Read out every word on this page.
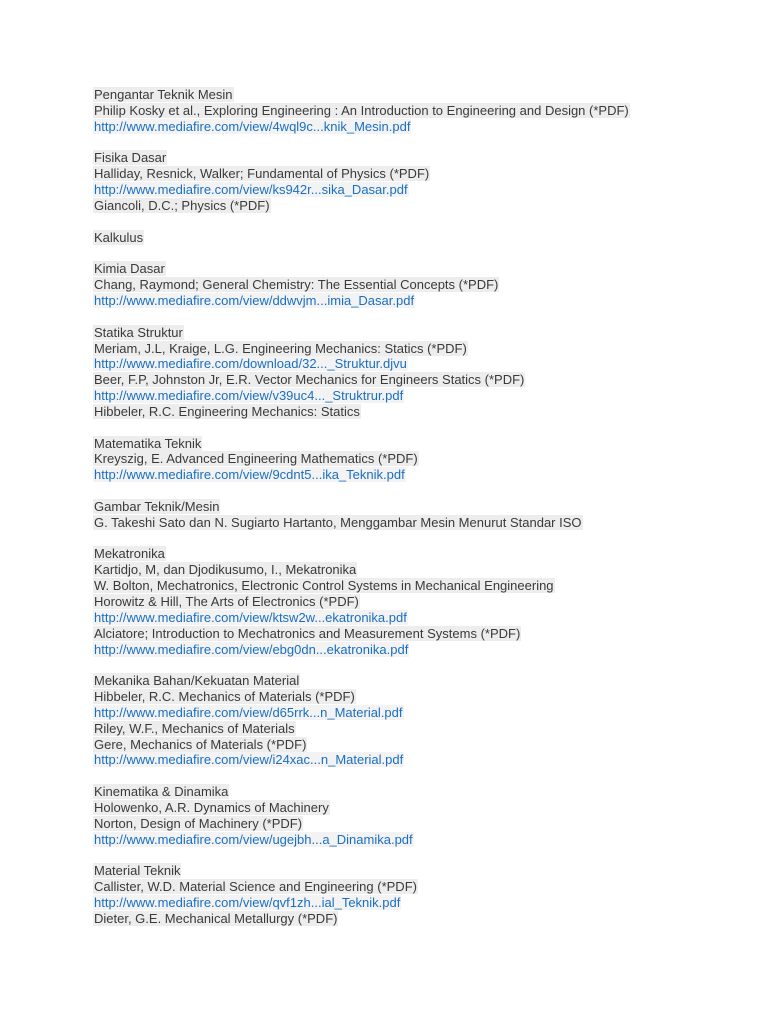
Pengantar Teknik Mesin
Philip Kosky et al., Exploring Engineering : An Introduction to Engineering and Design (*PDF)
http://www.mediafire.com/view/4wql9c...knik_Mesin.pdf
Fisika Dasar
Halliday, Resnick, Walker; Fundamental of Physics (*PDF)
http://www.mediafire.com/view/ks942r...sika_Dasar.pdf
Giancoli, D.C.; Physics (*PDF)
Kalkulus
Kimia Dasar
Chang, Raymond; General Chemistry: The Essential Concepts (*PDF)
http://www.mediafire.com/view/ddwvjm...imia_Dasar.pdf
Statika Struktur
Meriam, J.L, Kraige, L.G. Engineering Mechanics: Statics (*PDF)
http://www.mediafire.com/download/32..._Struktur.djvu
Beer, F.P, Johnston Jr, E.R. Vector Mechanics for Engineers Statics (*PDF)
http://www.mediafire.com/view/v39uc4..._Struktrur.pdf
Hibbeler, R.C. Engineering Mechanics: Statics
Matematika Teknik
Kreyszig, E. Advanced Engineering Mathematics (*PDF)
http://www.mediafire.com/view/9cdnt5...ika_Teknik.pdf
Gambar Teknik/Mesin
G. Takeshi Sato dan N. Sugiarto Hartanto, Menggambar Mesin Menurut Standar ISO
Mekatronika
Kartidjo, M, dan Djodikusumo, I., Mekatronika
W. Bolton, Mechatronics, Electronic Control Systems in Mechanical Engineering
Horowitz & Hill, The Arts of Electronics (*PDF)
http://www.mediafire.com/view/ktsw2w...ekatronika.pdf
Alciatore; Introduction to Mechatronics and Measurement Systems (*PDF)
http://www.mediafire.com/view/ebg0dn...ekatronika.pdf
Mekanika Bahan/Kekuatan Material
Hibbeler, R.C. Mechanics of Materials (*PDF)
http://www.mediafire.com/view/d65rrk...n_Material.pdf
Riley, W.F., Mechanics of Materials
Gere, Mechanics of Materials (*PDF)
http://www.mediafire.com/view/i24xac...n_Material.pdf
Kinematika & Dinamika
Holowenko, A.R. Dynamics of Machinery
Norton, Design of Machinery (*PDF)
http://www.mediafire.com/view/ugejbh...a_Dinamika.pdf
Material Teknik
Callister, W.D. Material Science and Engineering (*PDF)
http://www.mediafire.com/view/qvf1zh...ial_Teknik.pdf
Dieter, G.E. Mechanical Metallurgy (*PDF)
